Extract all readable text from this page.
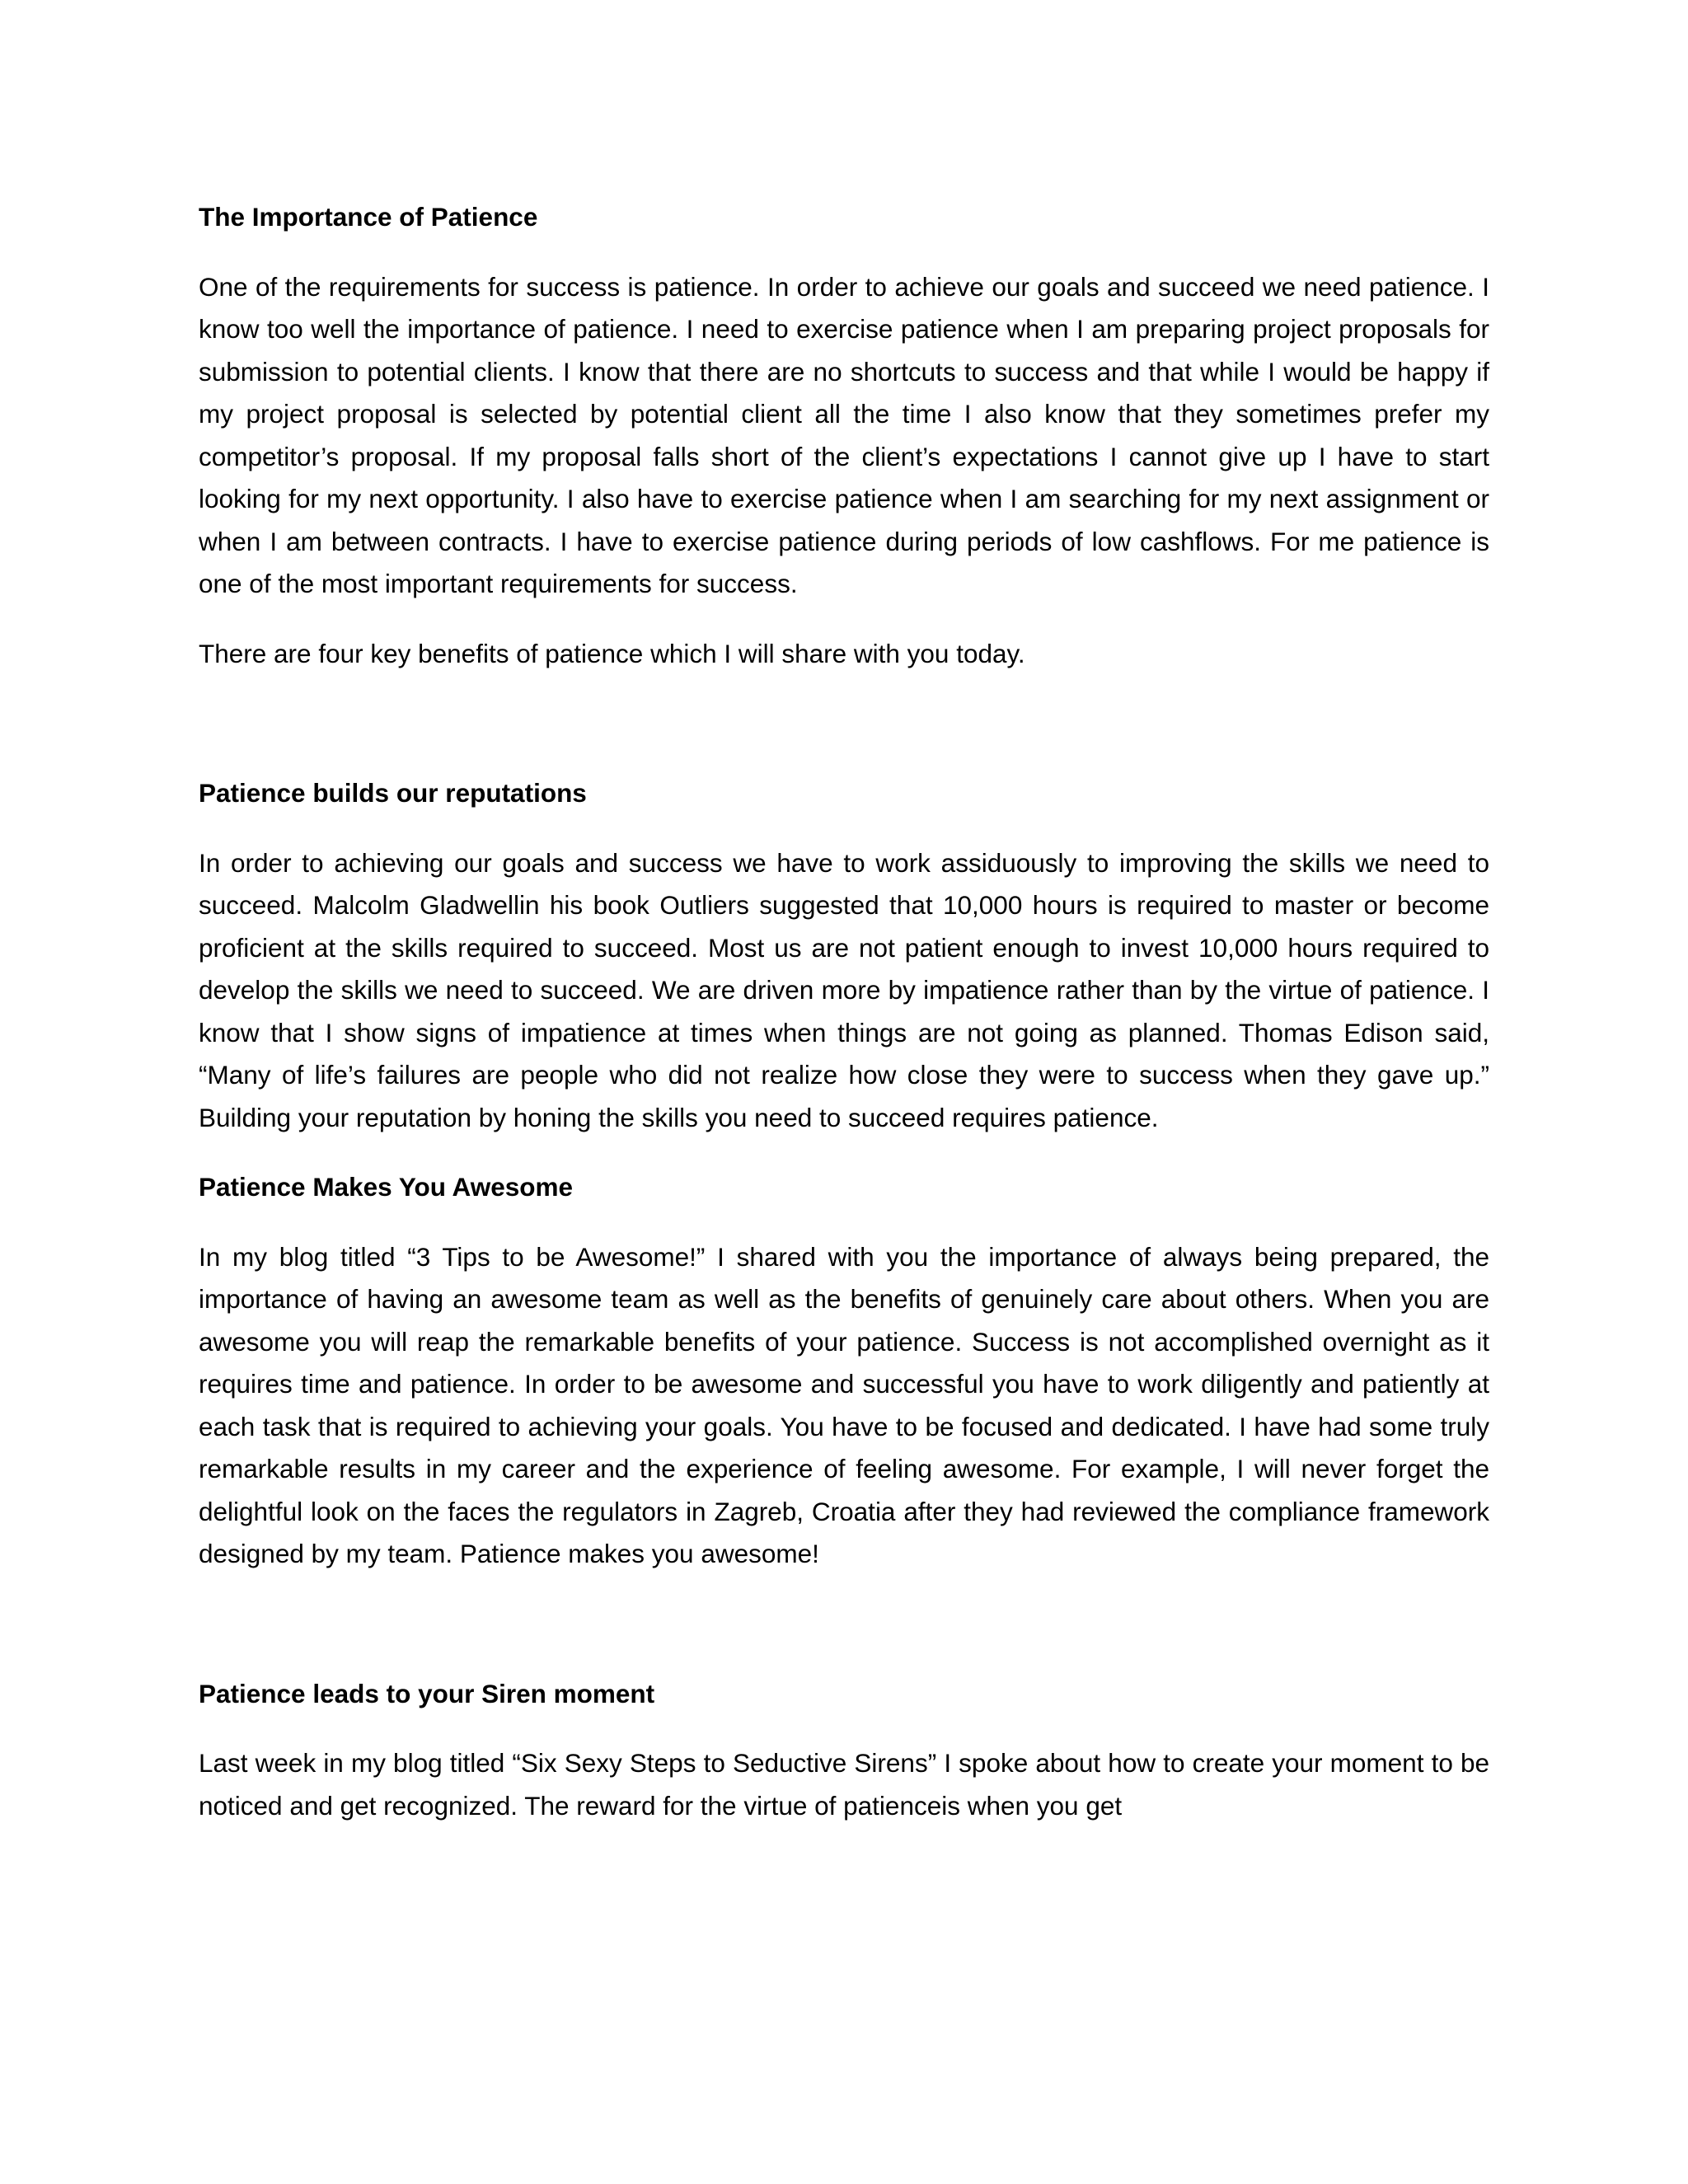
The Importance of Patience

One of the requirements for success is patience. In order to achieve our goals and succeed we need patience. I know too well the importance of patience. I need to exercise patience when I am preparing project proposals for submission to potential clients. I know that there are no shortcuts to success and that while I would be happy if my project proposal is selected by potential client all the time I also know that they sometimes prefer my competitor’s proposal. If my proposal falls short of the client’s expectations I cannot give up I have to start looking for my next opportunity. I also have to exercise patience when I am searching for my next assignment or when I am between contracts. I have to exercise patience during periods of low cashflows. For me patience is one of the most important requirements for success.

There are four key benefits of patience which I will share with you today.

Patience builds our reputations

In order to achieving our goals and success we have to work assiduously to improving the skills we need to succeed. Malcolm Gladwellin his book Outliers suggested that 10,000 hours is required to master or become proficient at the skills required to succeed. Most us are not patient enough to invest 10,000 hours required to develop the skills we need to succeed. We are driven more by impatience rather than by the virtue of patience. I know that I show signs of impatience at times when things are not going as planned. Thomas Edison said, “Many of life’s failures are people who did not realize how close they were to success when they gave up.” Building your reputation by honing the skills you need to succeed requires patience.

Patience Makes You Awesome

In my blog titled “3 Tips to be Awesome!” I shared with you the importance of always being prepared, the importance of having an awesome team as well as the benefits of genuinely care about others. When you are awesome you will reap the remarkable benefits of your patience. Success is not accomplished overnight as it requires time and patience. In order to be awesome and successful you have to work diligently and patiently at each task that is required to achieving your goals. You have to be focused and dedicated. I have had some truly remarkable results in my career and the experience of feeling awesome. For example, I will never forget the delightful look on the faces the regulators in Zagreb, Croatia after they had reviewed the compliance framework designed by my team. Patience makes you awesome!

Patience leads to your Siren moment

Last week in my blog titled “Six Sexy Steps to Seductive Sirens” I spoke about how to create your moment to be noticed and get recognized. The reward for the virtue of patienceis when you get
